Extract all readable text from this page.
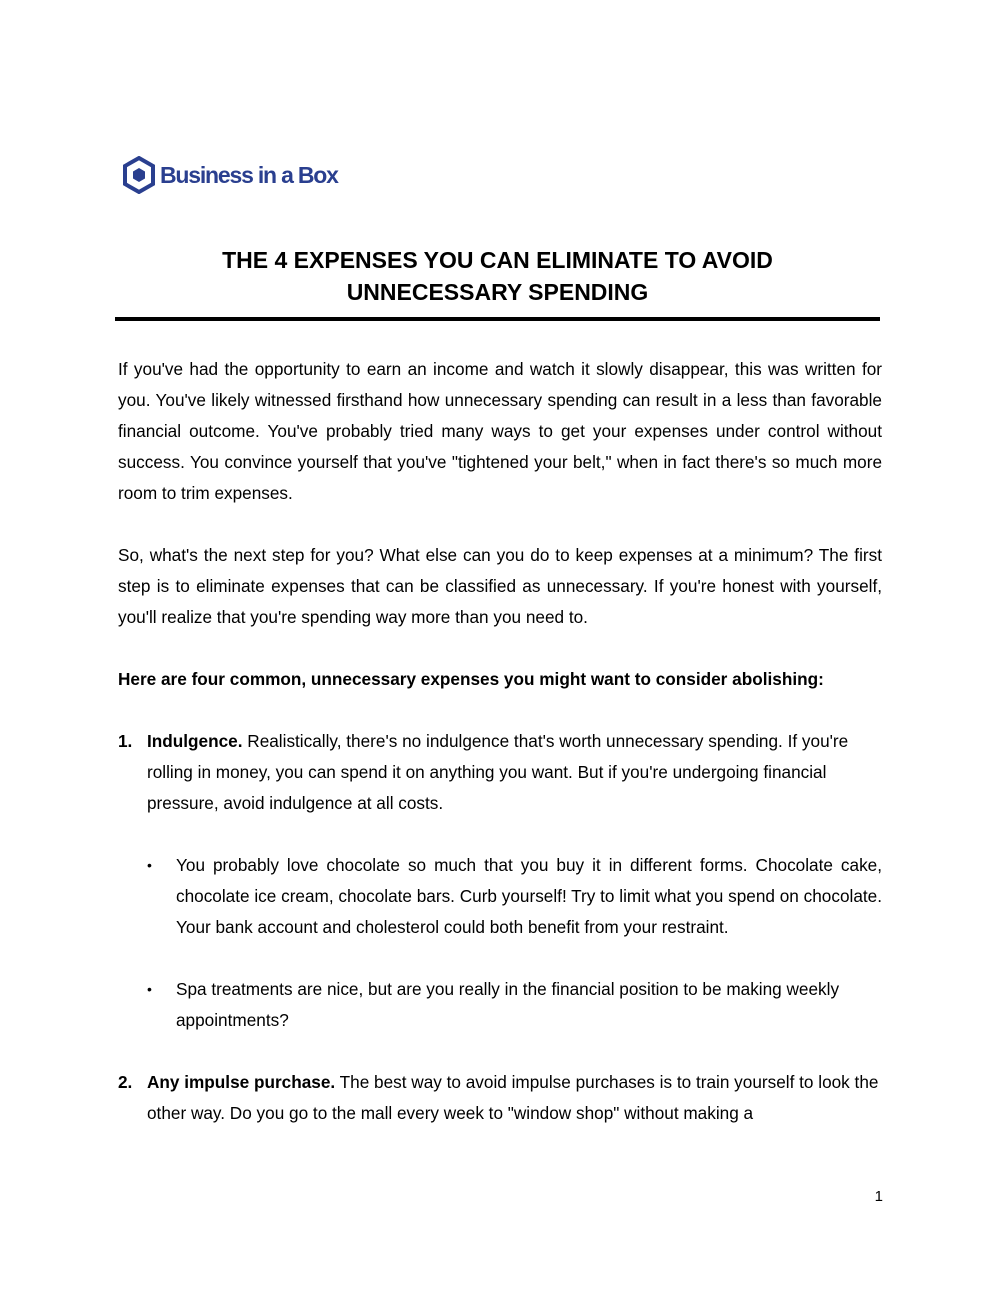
Business in a Box
THE 4 EXPENSES YOU CAN ELIMINATE TO AVOID
UNNECESSARY SPENDING

If you've had the opportunity to earn an income and watch it slowly disappear, this was written for you. You've likely witnessed firsthand how unnecessary spending can result in a less than favorable financial outcome. You've probably tried many ways to get your expenses under control without success. You convince yourself that you've "tightened your belt," when in fact there's so much more room to trim expenses.

So, what's the next step for you? What else can you do to keep expenses at a minimum? The first step is to eliminate expenses that can be classified as unnecessary. If you're honest with yourself, you'll realize that you're spending way more than you need to.

Here are four common, unnecessary expenses you might want to consider abolishing:

1. Indulgence. Realistically, there's no indulgence that's worth unnecessary spending. If you're rolling in money, you can spend it on anything you want. But if you're undergoing financial pressure, avoid indulgence at all costs.
•	You probably love chocolate so much that you buy it in different forms. Chocolate cake, chocolate ice cream, chocolate bars. Curb yourself! Try to limit what you spend on chocolate. Your bank account and cholesterol could both benefit from your restraint.
•	Spa treatments are nice, but are you really in the financial position to be making weekly appointments?
2. Any impulse purchase. The best way to avoid impulse purchases is to train yourself to look the other way. Do you go to the mall every week to "window shop" without making a
1
